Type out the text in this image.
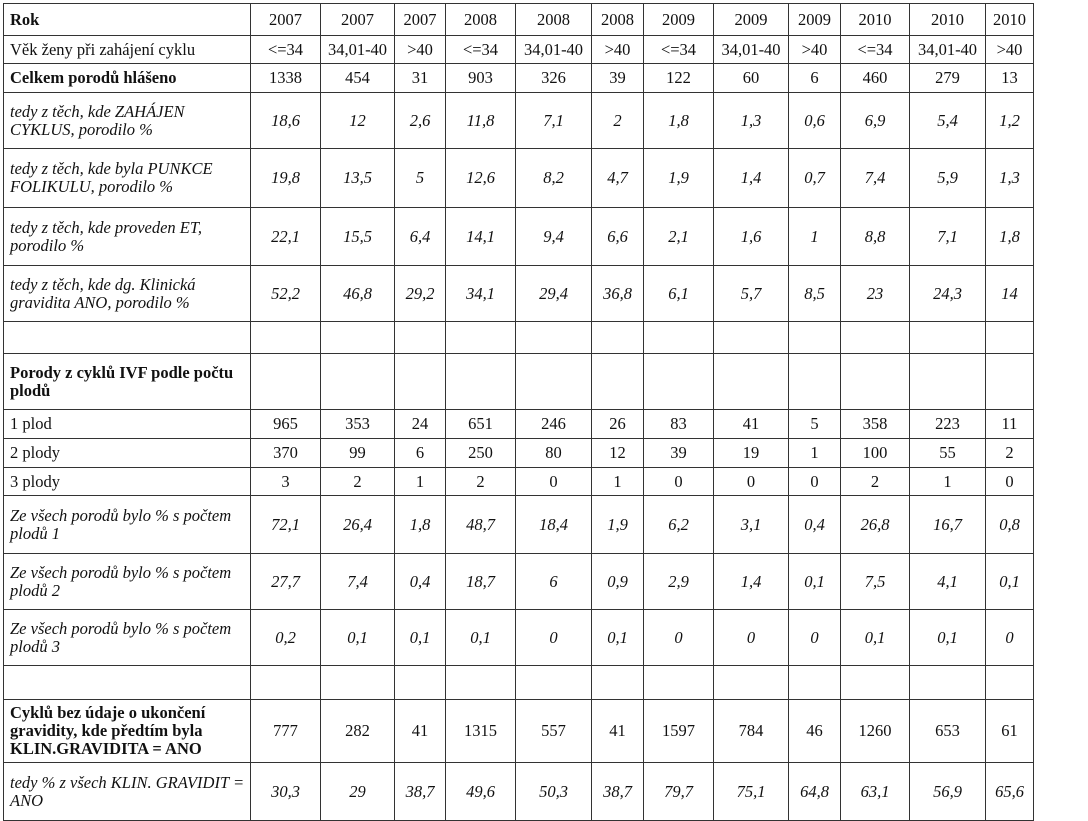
Rok	2007	2007	2007	2008	2008	2008	2009	2009	2009	2010	2010	2010
Věk ženy při zahájení cyklu	<=34	34,01-40	>40	<=34	34,01-40	>40	<=34	34,01-40	>40	<=34	34,01-40	>40
Celkem porodů hlášeno	1338	454	31	903	326	39	122	60	6	460	279	13
tedy z těch, kde ZAHÁJEN CYKLUS, porodilo %	18,6	12	2,6	11,8	7,1	2	1,8	1,3	0,6	6,9	5,4	1,2
tedy z těch, kde byla PUNKCE FOLIKULU, porodilo %	19,8	13,5	5	12,6	8,2	4,7	1,9	1,4	0,7	7,4	5,9	1,3
tedy z těch, kde proveden ET, porodilo %	22,1	15,5	6,4	14,1	9,4	6,6	2,1	1,6	1	8,8	7,1	1,8
tedy z těch, kde dg. Klinická gravidita ANO, porodilo %	52,2	46,8	29,2	34,1	29,4	36,8	6,1	5,7	8,5	23	24,3	14

Porody z cyklů IVF podle počtu plodů												
1 plod	965	353	24	651	246	26	83	41	5	358	223	11
2 plody	370	99	6	250	80	12	39	19	1	100	55	2
3 plody	3	2	1	2	0	1	0	0	0	2	1	0
Ze všech porodů bylo % s počtem plodů 1	72,1	26,4	1,8	48,7	18,4	1,9	6,2	3,1	0,4	26,8	16,7	0,8
Ze všech porodů bylo % s počtem plodů 2	27,7	7,4	0,4	18,7	6	0,9	2,9	1,4	0,1	7,5	4,1	0,1
Ze všech porodů bylo % s počtem plodů 3	0,2	0,1	0,1	0,1	0	0,1	0	0	0	0,1	0,1	0

Cyklů bez údaje o ukončení gravidity, kde předtím byla KLIN.GRAVIDITA = ANO	777	282	41	1315	557	41	1597	784	46	1260	653	61
tedy % z všech KLIN. GRAVIDIT = ANO	30,3	29	38,7	49,6	50,3	38,7	79,7	75,1	64,8	63,1	56,9	65,6
